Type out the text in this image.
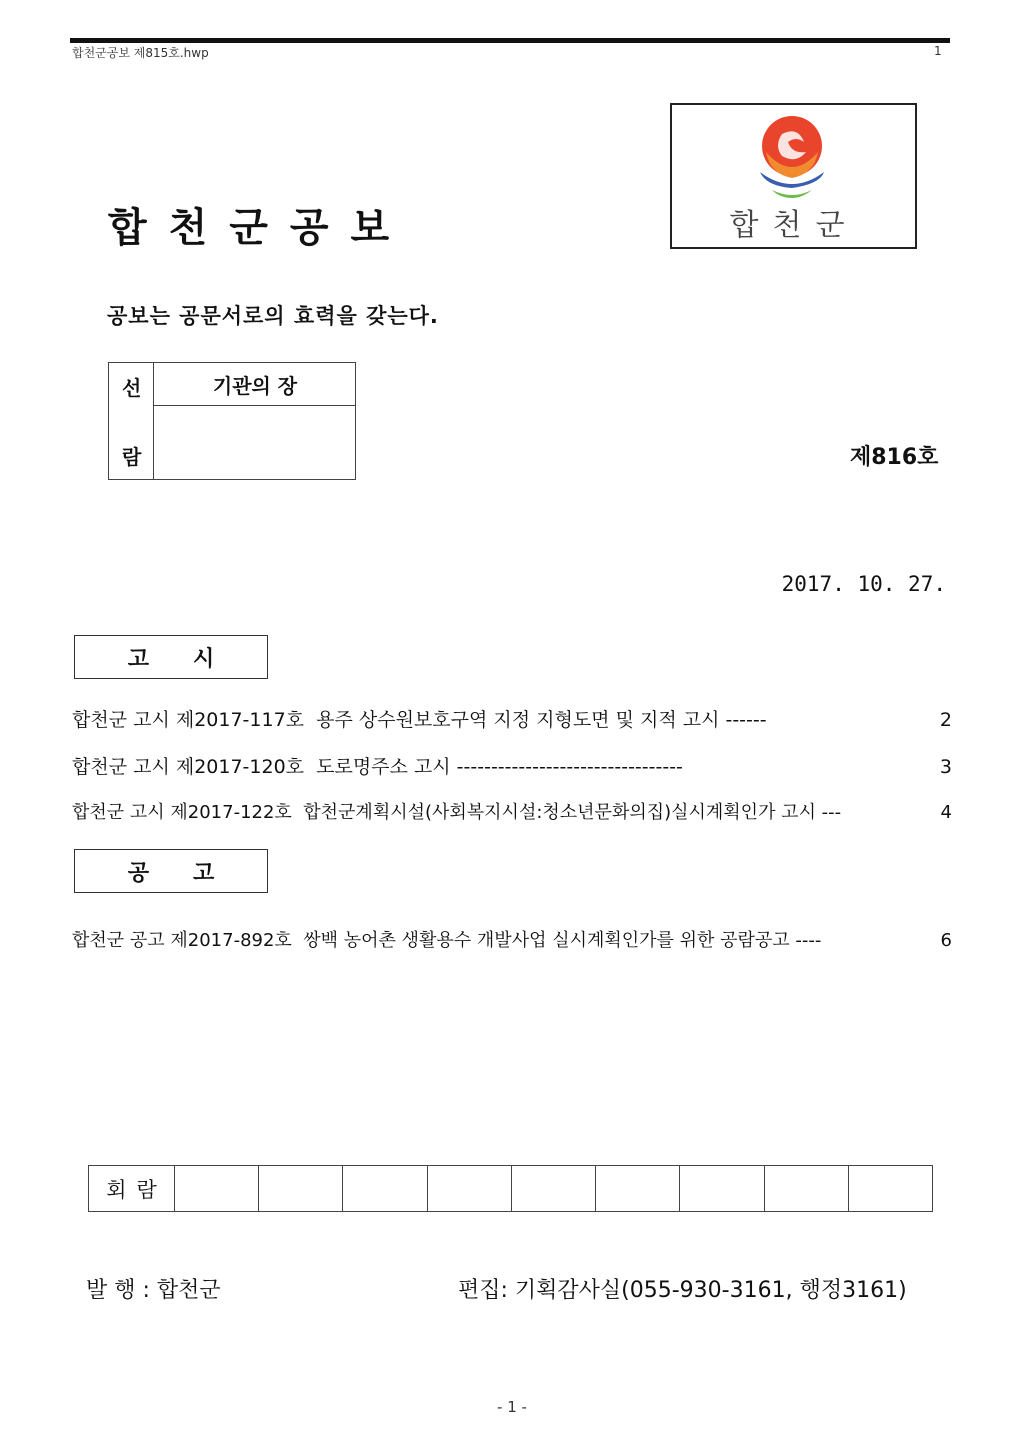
합천군공보 제815호.hwp	1
합천군공보	합천군
공보는 공문서로의 효력을 갖는다.
선
람
기관의 장
제816호
2017. 10. 27.
고시
합천군 고시 제2017-117호  용주 상수원보호구역 지정 지형도면 및 지적 고시 ------	2
합천군 고시 제2017-120호  도로명주소 고시 ---------------------------------	3
합천군 고시 제2017-122호  합천군계획시설(사회복지시설:청소년문화의집)실시계획인가 고시 ---	4
공고
합천군 공고 제2017-892호  쌍백 농어촌 생활용수 개발사업 실시계획인가를 위한 공람공고 ----	6
회람
발 행 : 합천군	편집: 기획감사실(055-930-3161, 행정3161)
- 1 -
